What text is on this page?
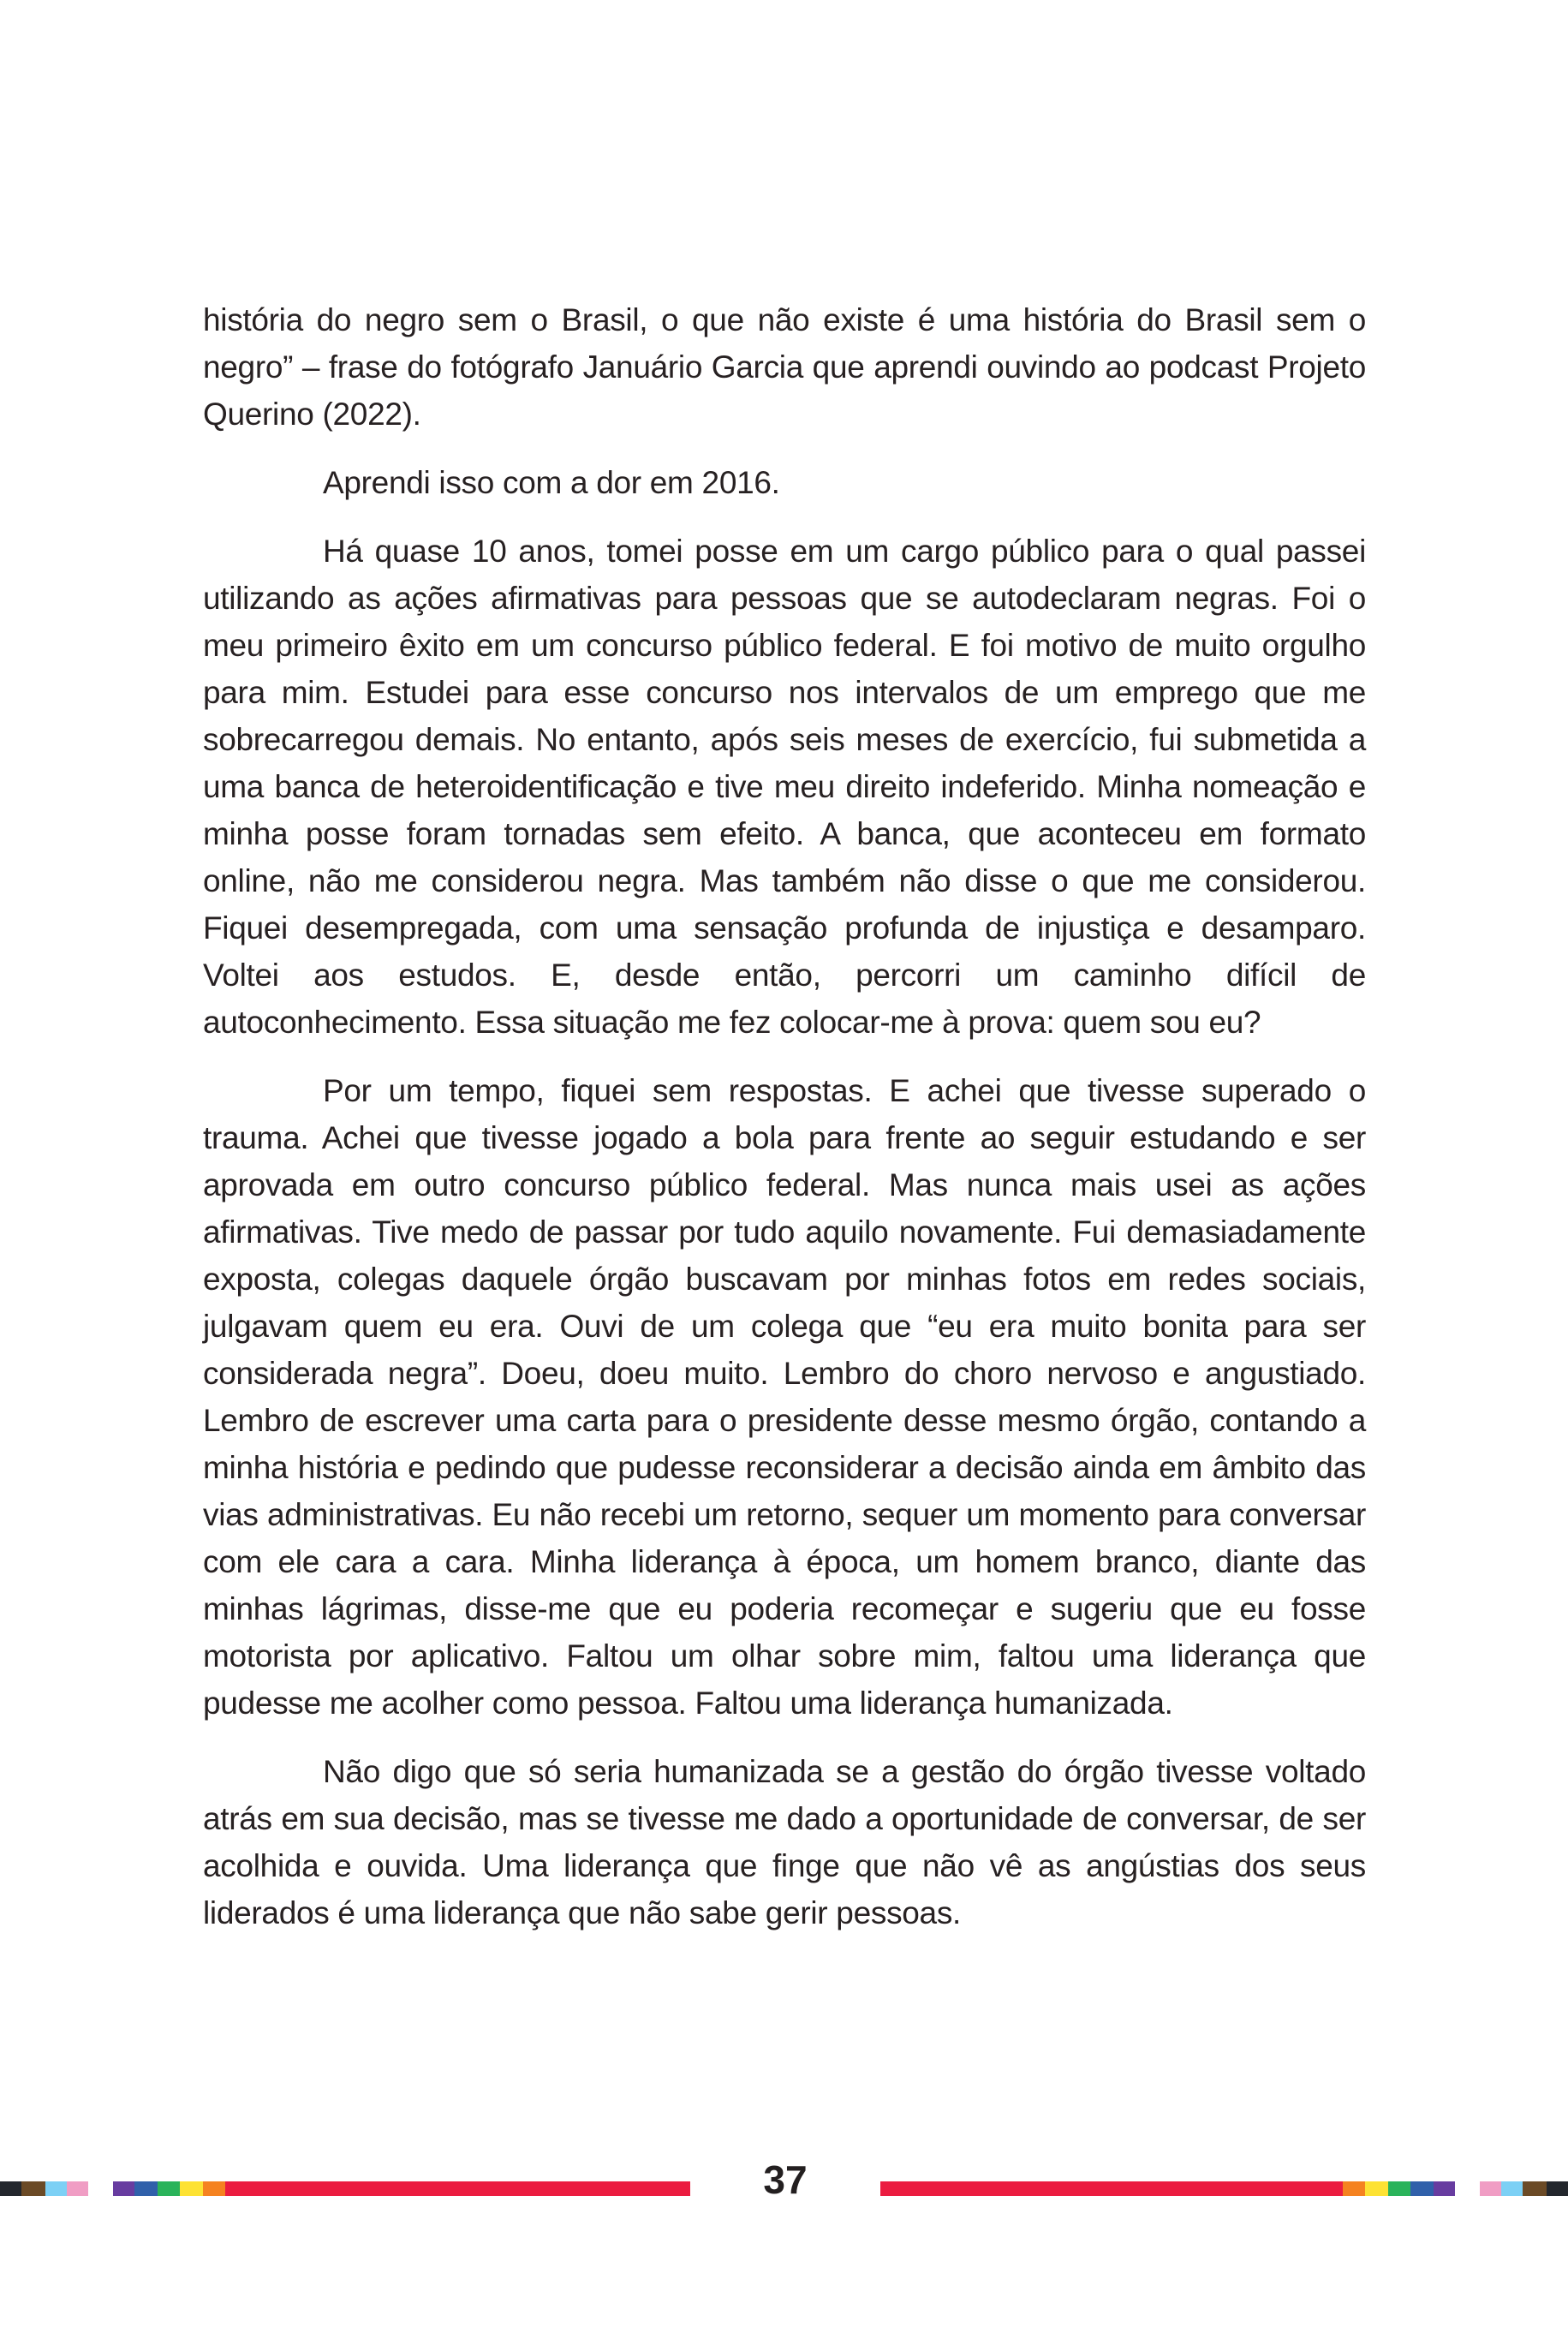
história do negro sem o Brasil, o que não existe é uma história do Brasil sem o negro” – frase do fotógrafo Januário Garcia que aprendi ouvindo ao podcast Projeto Querino (2022).

Aprendi isso com a dor em 2016.

Há quase 10 anos, tomei posse em um cargo público para o qual passei utilizando as ações afirmativas para pessoas que se autodeclaram negras. Foi o meu primeiro êxito em um concurso público federal. E foi motivo de muito orgulho para mim. Estudei para esse concurso nos intervalos de um emprego que me sobrecarregou demais. No entanto, após seis meses de exercício, fui submetida a uma banca de heteroidentificação e tive meu direito indeferido. Minha nomeação e minha posse foram tornadas sem efeito. A banca, que aconteceu em formato online, não me considerou negra. Mas também não disse o que me considerou. Fiquei desempregada, com uma sensação profunda de injustiça e desamparo. Voltei aos estudos. E, desde então, percorri um caminho difícil de autoconhecimento. Essa situação me fez colocar-me à prova: quem sou eu?

Por um tempo, fiquei sem respostas. E achei que tivesse superado o trauma. Achei que tivesse jogado a bola para frente ao seguir estudando e ser aprovada em outro concurso público federal. Mas nunca mais usei as ações afirmativas. Tive medo de passar por tudo aquilo novamente. Fui demasiadamente exposta, colegas daquele órgão buscavam por minhas fotos em redes sociais, julgavam quem eu era. Ouvi de um colega que “eu era muito bonita para ser considerada negra”. Doeu, doeu muito. Lembro do choro nervoso e angustiado. Lembro de escrever uma carta para o presidente desse mesmo órgão, contando a minha história e pedindo que pudesse reconsiderar a decisão ainda em âmbito das vias administrativas. Eu não recebi um retorno, sequer um momento para conversar com ele cara a cara. Minha liderança à época, um homem branco, diante das minhas lágrimas, disse-me que eu poderia recomeçar e sugeriu que eu fosse motorista por aplicativo. Faltou um olhar sobre mim, faltou uma liderança que pudesse me acolher como pessoa. Faltou uma liderança humanizada.

Não digo que só seria humanizada se a gestão do órgão tivesse voltado atrás em sua decisão, mas se tivesse me dado a oportunidade de conversar, de ser acolhida e ouvida. Uma liderança que finge que não vê as angústias dos seus liderados é uma liderança que não sabe gerir pessoas.

37
